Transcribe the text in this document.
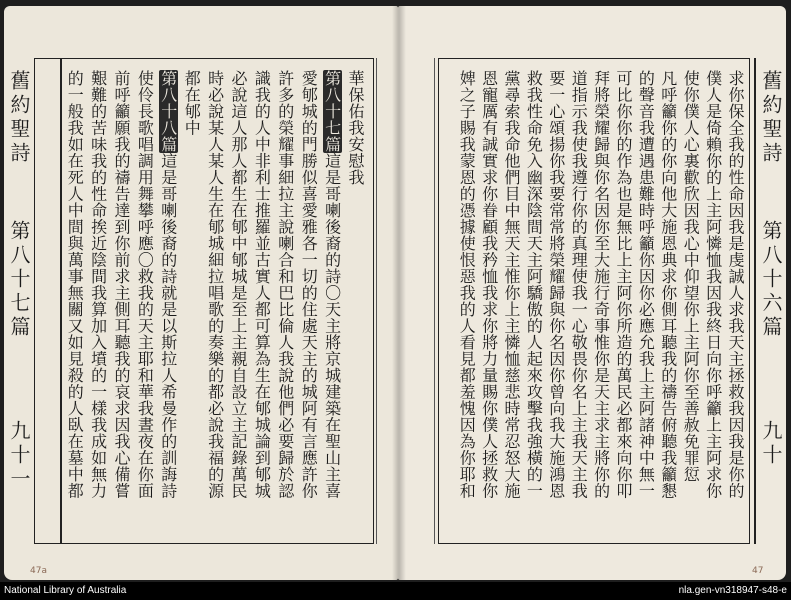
舊約聖詩
第八十七篇
九十一
華保佑我安慰我
第八十七篇這是哥喇後裔的詩〇天主將京城建築在聖山主喜
愛郇城的門勝似喜愛雅各一切的住處天主的城阿有言應許你
許多的榮耀事細拉主說喇合和巴比倫人我說他們必要歸於認
識我的人中非利士推羅並古實人都可算為生在郇城論到郇城
必說這人那人都生在郇中郇城是至上主親自設立主記錄萬民
時必說某人某人生在郇城細拉唱歌的奏樂的都必說我福的源
都在郇中
第八十八篇這是哥喇後裔的詩就是以斯拉人希曼作的訓誨詩
使伶長歌唱調用舞攀呼應〇救我的天主耶和華我晝夜在你面
前呼籲願我的禱告達到你前求主側耳聽我的哀求因我心備嘗
艱難的苦味我的性命挨近陰間我算加入墳的一樣我成如無力
的一般我如在死人中間與萬事無關又如見殺的人臥在墓中都	舊約聖詩
第八十六篇
九十
求你保全我的性命因我是虔誠人求我天主拯救我因我是你的
僕人是倚賴你的上主阿憐恤我因我終日向你呼籲上主阿求你
使你僕人心裏歡欣因我心中仰望你上主阿你至善赦免罪愆
凡呼籲你的你向他大施恩典求你側耳聽我的禱告俯聽我籲懇
的聲音我遭遇患難時呼籲你因你必應允我上主阿諸神中無一
可比你你的作為也是無比上主阿你所造的萬民必都來向你叩
拜將榮耀歸與你名因你至大施行奇事惟你是天主求主將你的
道指示我使我遵行你的真理使我一心敬畏你名上主我天主我
要一心頌揚你我要常常將榮耀歸與你名因你曾向我大施鴻恩
救我性命免入幽深陰間天主阿驕傲的人起來攻擊我強橫的一
黨尋索我命他們目中無天主惟你上主憐恤慈悲時常忍怒大施
恩寵厲有誠實求你眷顧我矜恤我求你將力量賜你僕人拯救你
婢之子賜我蒙恩的憑據使恨惡我的人看見都羞愧因為你耶和
47a	47
National Library of Australia	nla.gen-vn318947-s48-e
